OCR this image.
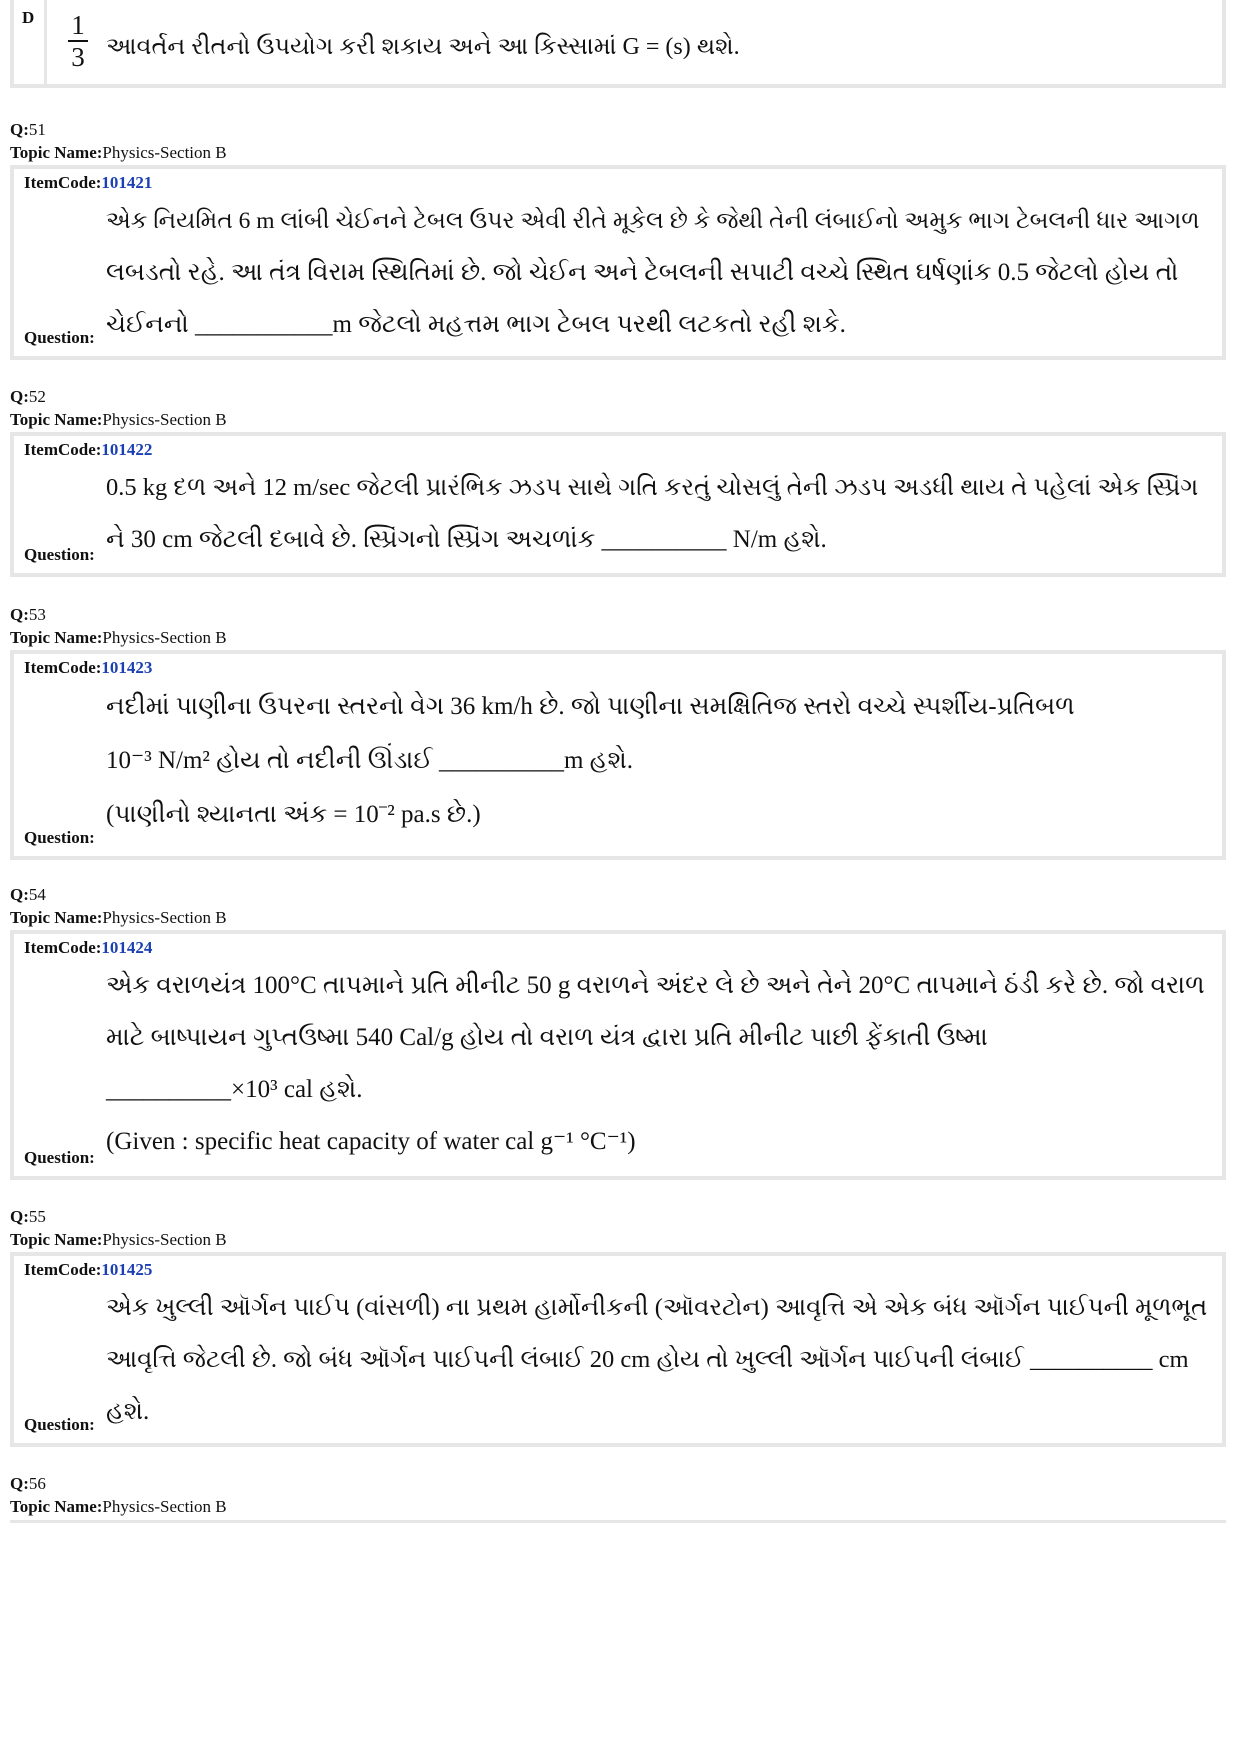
D 1
3 આવર્તન રીતનો ઉપયોગ કરી શકાય અને આ કિસ્સામાં G = (s) થશે.
Q:51
Topic Name:Physics-Section B
ItemCode:101421
એક નિયમિત 6 m લાંબી ચેઈનને ટેબલ ઉપર એવી રીતે મૂકેલ છે કે જેથી તેની લંબાઈનો અમુક ભાગ ટેબલની ધાર આગળ
લબડતો રહે. આ તંત્ર વિરામ સ્થિતિમાં છે. જો ચેઈન અને ટેબલની સપાટી વચ્ચે સ્થિત ઘર્ષણાંક 0.5 જેટલો હોય તો
ચેઈનનો ___________m જેટલો મહત્તમ ભાગ ટેબલ પરથી લટકતો રહી શકે.
Question:
Q:52
Topic Name:Physics-Section B
ItemCode:101422
0.5 kg દળ અને 12 m/sec જેટલી પ્રારંભિક ઝડપ સાથે ગતિ કરતું ચોસલું તેની ઝડપ અડધી થાય તે પહેલાં એક સ્પ્રિંગ
ને 30 cm જેટલી દબાવે છે. સ્પ્રિંગનો સ્પ્રિંગ અચળાંક __________ N/m હશે.
Question:
Q:53
Topic Name:Physics-Section B
ItemCode:101423
નદીમાં પાણીના ઉપરના સ્તરનો વેગ 36 km/h છે. જો પાણીના સમક્ષિતિજ સ્તરો વચ્ચે સ્પર્શીય-પ્રતિબળ
10⁻³ N/m² હોય તો નદીની ઊંડાઈ __________m હશે.
(પાણીનો શ્યાનતા અંક = 10⁻² pa.s છે.)
Question:
Q:54
Topic Name:Physics-Section B
ItemCode:101424
એક વરાળયંત્ર 100°C તાપમાને પ્રતિ મીનીટ 50 g વરાળને અંદર લે છે અને તેને 20°C તાપમાને ઠંડી કરે છે. જો વરાળ
માટે બાષ્પાયન ગુપ્તઉષ્મા 540 Cal/g હોય તો વરાળ યંત્ર દ્વારા પ્રતિ મીનીટ પાછી ફેંકાતી ઉષ્મા
__________×10³ cal હશે.
(Given : specific heat capacity of water cal g⁻¹ °C⁻¹)
Question:
Q:55
Topic Name:Physics-Section B
ItemCode:101425
એક ખુલ્લી ઑર્ગન પાઈપ (વાંસળી) ના પ્રથમ હાર્મોનીકની (ઑવરટોન) આવૃત્તિ એ એક બંધ ઑર્ગન પાઈપની મૂળભૂત
આવૃત્તિ જેટલી છે. જો બંધ ઑર્ગન પાઈપની લંબાઈ 20 cm હોય તો ખુલ્લી ઑર્ગન પાઈપની લંબાઈ __________ cm
હશે.
Question:
Q:56
Topic Name:Physics-Section B
